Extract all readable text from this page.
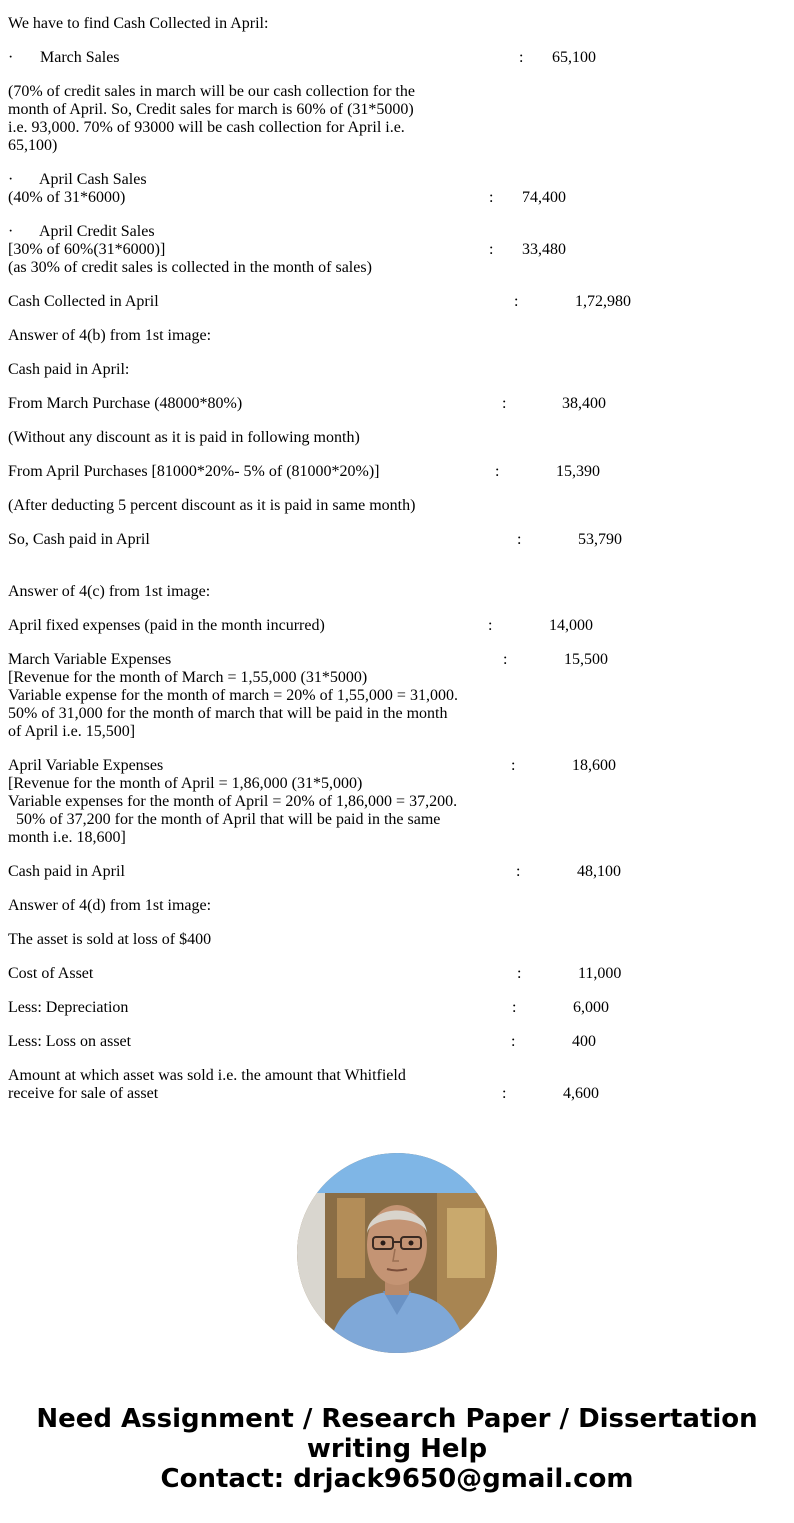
We have to find Cash Collected in April:
· March Sales	: 65,100
(70% of credit sales in march will be our cash collection for the
month of April. So, Credit sales for march is 60% of (31*5000)
i.e. 93,000. 70% of 93000 will be cash collection for April i.e.
65,100)
· April Cash Sales
(40% of 31*6000)	: 74,400
· April Credit Sales
[30% of 60%(31*6000)]	: 33,480
(as 30% of credit sales is collected in the month of sales)
Cash Collected in April	:	1,72,980
Answer of 4(b) from 1st image:
Cash paid in April:
From March Purchase (48000*80%)	:	38,400
(Without any discount as it is paid in following month)
From April Purchases [81000*20%- 5% of (81000*20%)]	:	15,390
(After deducting 5 percent discount as it is paid in same month)
So, Cash paid in April	:	53,790
Answer of 4(c) from 1st image:
April fixed expenses (paid in the month incurred)	:	14,000
March Variable Expenses	:	15,500
[Revenue for the month of March = 1,55,000 (31*5000)
Variable expense for the month of march = 20% of 1,55,000 = 31,000.
50% of 31,000 for the month of march that will be paid in the month
of April i.e. 15,500]
April Variable Expenses	:	18,600
[Revenue for the month of April = 1,86,000 (31*5,000)
Variable expenses for the month of April = 20% of 1,86,000 = 37,200.
50% of 37,200 for the month of April that will be paid in the same
month i.e. 18,600]
Cash paid in April	:	48,100
Answer of 4(d) from 1st image:
The asset is sold at loss of $400
Cost of Asset	:	11,000
Less: Depreciation	:	6,000
Less: Loss on asset	:	400
Amount at which asset was sold i.e. the amount that Whitfield
receive for sale of asset	:	4,600
Need Assignment / Research Paper / Dissertation
writing Help
Contact: drjack9650@gmail.com
